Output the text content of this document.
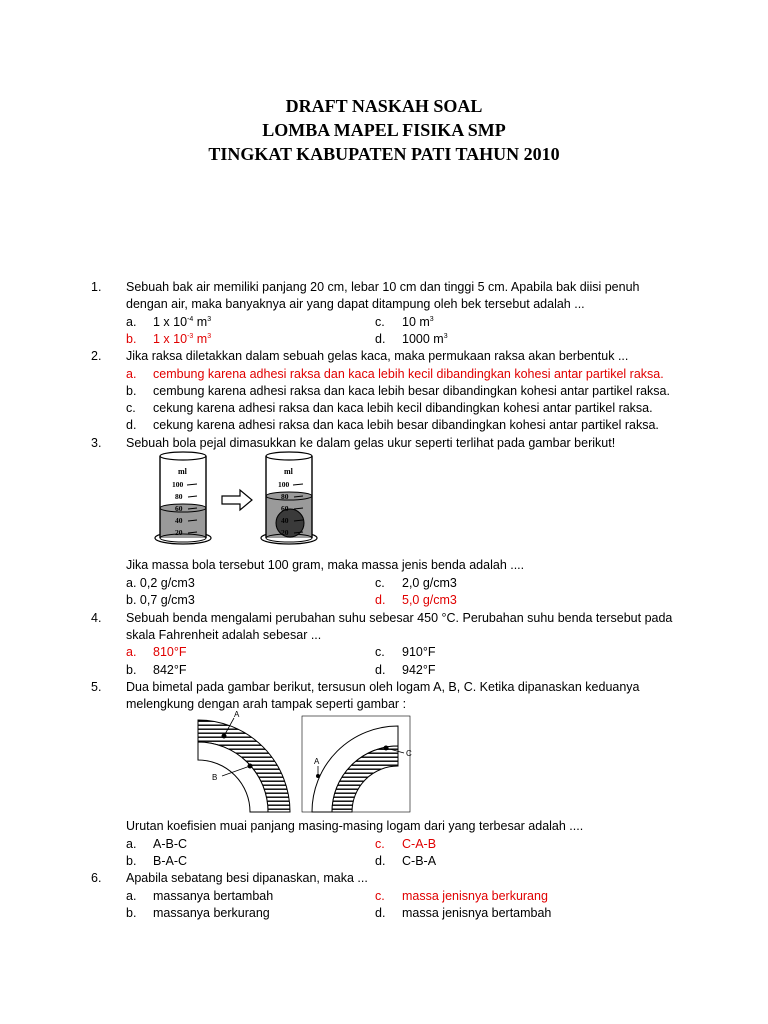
DRAFT NASKAH SOAL
LOMBA MAPEL FISIKA SMP
TINGKAT KABUPATEN PATI TAHUN 2010
1. Sebuah bak air memiliki panjang 20 cm, lebar 10 cm dan tinggi 5 cm. Apabila bak diisi penuh
dengan air, maka banyaknya air yang dapat ditampung oleh bek tersebut adalah ...
a. 1 x $10^{-4}$ $m^3$	c. 10 $m^3$
b. 1 x $10^{-3}$ $m^3$	d. 1000 $m^3$
2. Jika raksa diletakkan dalam sebuah gelas kaca, maka permukaan raksa akan berbentuk ...
a. cembung karena adhesi raksa dan kaca lebih kecil dibandingkan kohesi antar partikel raksa.
b. cembung karena adhesi raksa dan kaca lebih besar dibandingkan kohesi antar partikel raksa.
c. cekung karena adhesi raksa dan kaca lebih kecil dibandingkan kohesi antar partikel raksa.
d. cekung karena adhesi raksa dan kaca lebih besar dibandingkan kohesi antar partikel raksa.
3. Sebuah bola pejal dimasukkan ke dalam gelas ukur seperti terlihat pada gambar berikut!
ml
100
80
60
40
20
ml
100
80
60
40
20
Jika massa bola tersebut 100 gram, maka massa jenis benda adalah ....
a. 0,2 g/cm3	c. 2,0 g/cm3
b. 0,7 g/cm3	d. 5,0 g/cm3
4. Sebuah benda mengalami perubahan suhu sebesar 450 °C. Perubahan suhu benda tersebut pada
skala Fahrenheit adalah sebesar ...
a. 810°F	c. 910°F
b. 842°F	d. 942°F
5. Dua bimetal pada gambar berikut, tersusun oleh logam A, B, C. Ketika dipanaskan keduanya
melengkung dengan arah tampak seperti gambar :
A
B
C
A
Urutan koefisien muai panjang masing-masing logam dari yang terbesar adalah ....
a. A-B-C	c. C-A-B
b. B-A-C	d. C-B-A
6. Apabila sebatang besi dipanaskan, maka ...
a. massanya bertambah	c. massa jenisnya berkurang
b. massanya berkurang	d. massa jenisnya bertambah
